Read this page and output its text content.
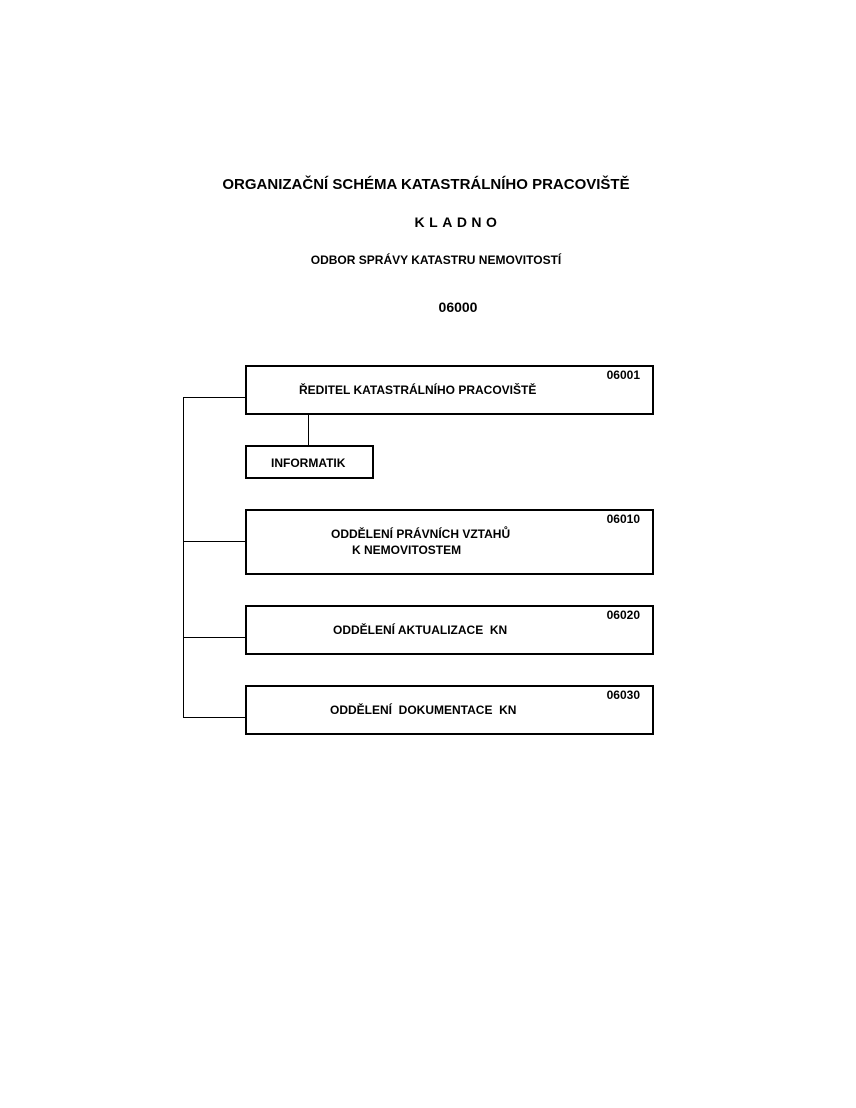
ORGANIZAČNÍ SCHÉMA KATASTRÁLNÍHO PRACOVIŠTĚ
KLADNO
ODBOR SPRÁVY KATASTRU NEMOVITOSTÍ
06000
06001
ŘEDITEL KATASTRÁLNÍHO PRACOVIŠTĚ
INFORMATIK
06010
ODDĚLENÍ PRÁVNÍCH VZTAHŮ
K NEMOVITOSTEM
06020
ODDĚLENÍ AKTUALIZACE  KN
06030
ODDĚLENÍ  DOKUMENTACE  KN
